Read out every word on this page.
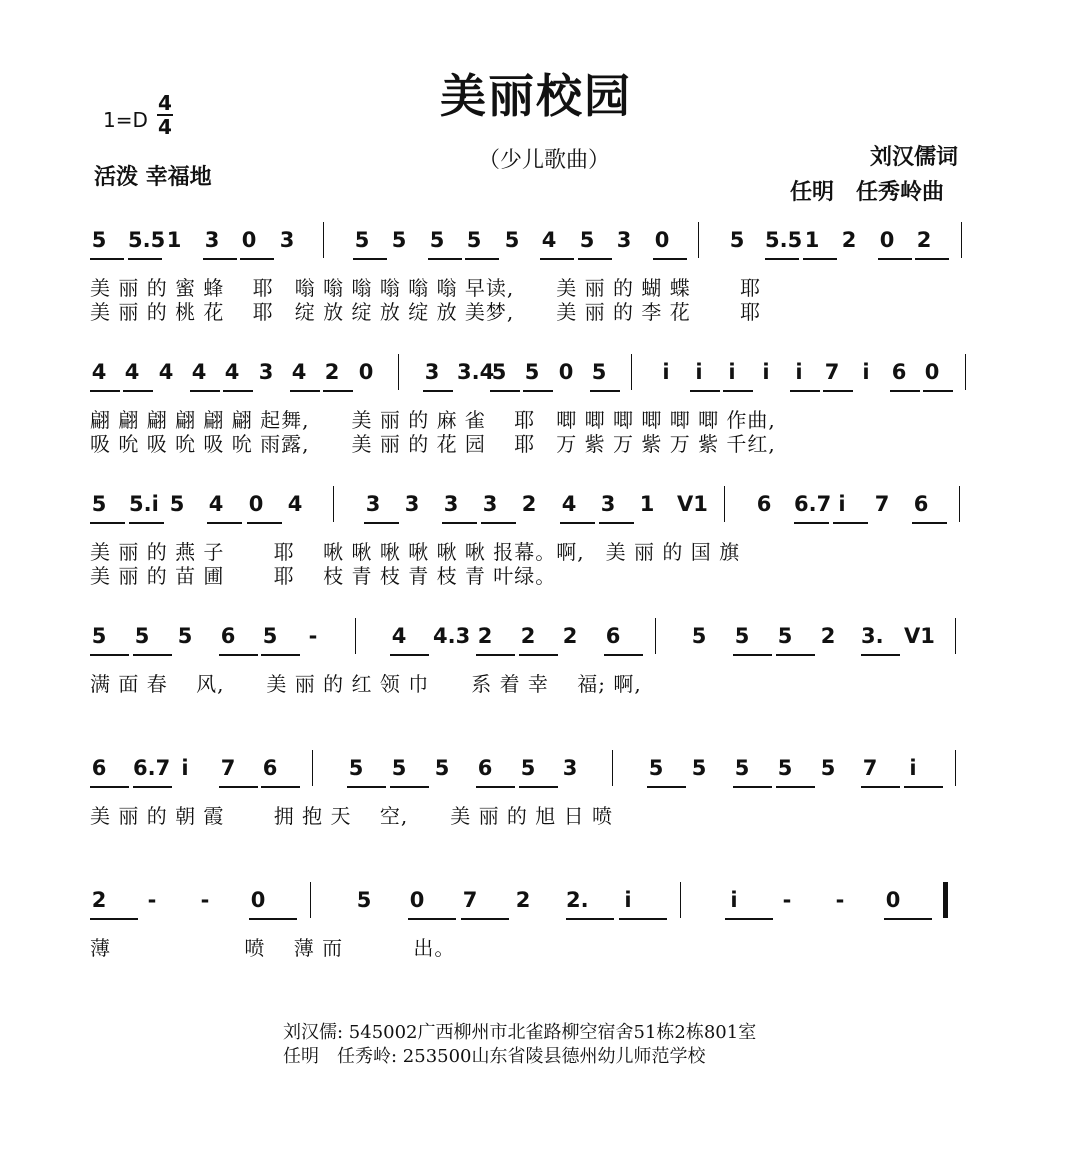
美丽校园
（少儿歌曲）
1=D
4
4
活泼 幸福地
刘汉儒词
任明　任秀岭曲
5 5.5 1 3 0 3	5 5 5 5 5 4 5 3 0	5 5.5 1 2 0 2
美 丽 的 蜜 蜂　 耶　嗡 嗡 嗡 嗡 嗡 嗡 早读,　　美 丽 的 蝴 蝶　　 耶
美 丽 的 桃 花　 耶　绽 放 绽 放 绽 放 美梦,　　美 丽 的 李 花　　 耶
4 4 4 4 4 3 4 2 0 3 3.4
5 5 0 5	i i i i i 7 i 6 0
翩 翩 翩 翩 翩 翩 起舞,　　美 丽 的 麻 雀　 耶　唧 唧 唧 唧 唧 唧 作曲,
吸 吮 吸 吮 吸 吮 雨露,　　美 丽 的 花 园　 耶　万 紫 万 紫 万 紫 千红,
5 5.i 5 4 0 4	3 3 3 3 2 4 3 1 V1 6 6.7 i 7 6
美 丽 的 燕 子　　 耶　 啾 啾 啾 啾 啾 啾 报幕。啊,　美 丽 的 国 旗
美 丽 的 苗 圃　　 耶　 枝 青 枝 青 枝 青 叶绿。
5 5 5 6 5 -	4 4.3 2 2 2 6	5 5 5 2 3. V1
满 面 春　 风,　　美 丽 的 红 领 巾　　系 着 幸　 福; 啊,
6 6.7 i 7 6	5 5 5 6 5 3	5 5 5 5 5 7 i
美 丽 的 朝 霞　　 拥 抱 天　 空,　　美 丽 的 旭 日 喷
2 - - 0	5 0 7 2 2. i	i - - 0
薄　　　　　　 喷　 薄 而　　　 出。
刘汉儒: 545002广西柳州市北雀路柳空宿舍51栋2栋801室
任明　任秀岭: 253500山东省陵县德州幼儿师范学校
